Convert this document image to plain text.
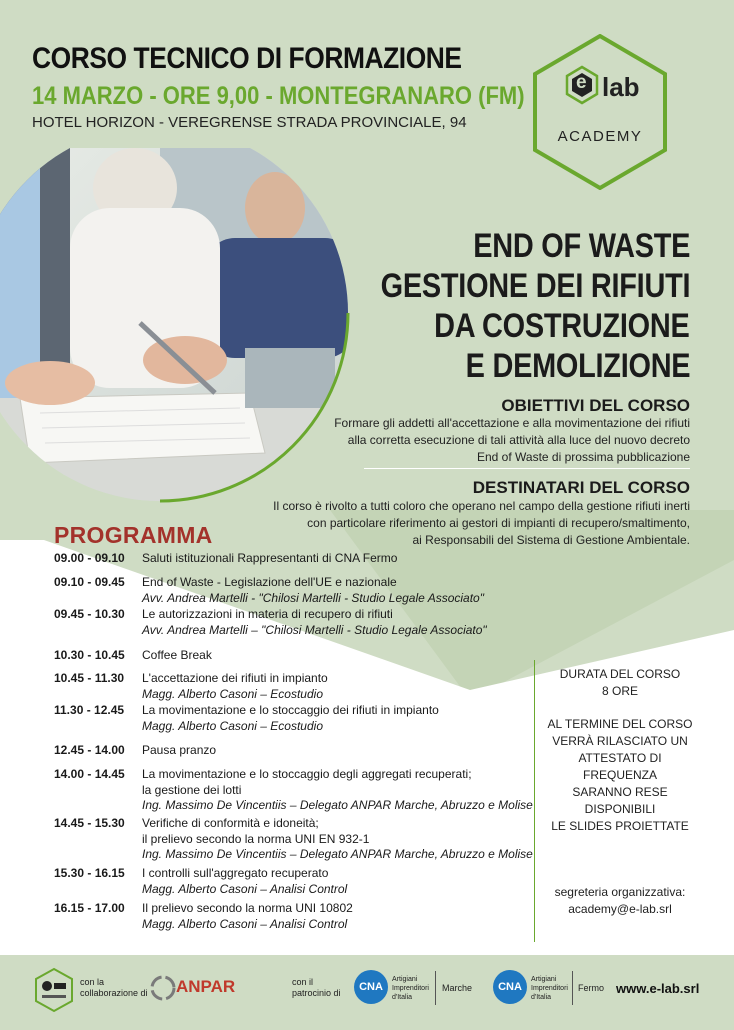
CORSO TECNICO DI FORMAZIONE
14 MARZO - ORE 9,00 - MONTEGRANARO (FM)
HOTEL HORIZON - VEREGRENSE STRADA PROVINCIALE, 94
e lab
ACADEMY
END OF WASTE
GESTIONE DEI RIFIUTI
DA COSTRUZIONE
E DEMOLIZIONE
OBIETTIVI DEL CORSO
Formare gli addetti all'accettazione e alla movimentazione dei rifiuti
alla corretta esecuzione di tali attività alla luce del nuovo decreto
End of Waste di prossima pubblicazione
DESTINATARI DEL CORSO
Il corso è rivolto a tutti coloro che operano nel campo della gestione rifiuti inerti
con particolare riferimento ai gestori di impianti di recupero/smaltimento,
ai Responsabili del Sistema di Gestione Ambientale.
PROGRAMMA
09.00 - 09.10	Saluti istituzionali Rappresentanti di CNA Fermo
09.10 - 09.45	End of Waste - Legislazione dell'UE e nazionale
Avv. Andrea Martelli - "Chilosi Martelli - Studio Legale Associato"
09.45 - 10.30	Le autorizzazioni in materia di recupero di rifiuti
Avv. Andrea Martelli – "Chilosi Martelli - Studio Legale Associato"
10.30 - 10.45	Coffee Break
10.45 - 11.30	L'accettazione dei rifiuti in impianto
Magg. Alberto Casoni – Ecostudio
11.30 - 12.45	La movimentazione e lo stoccaggio dei rifiuti in impianto
Magg. Alberto Casoni – Ecostudio
12.45 - 14.00	Pausa pranzo
14.00 - 14.45	La movimentazione e lo stoccaggio degli aggregati recuperati;
la gestione dei lotti
Ing. Massimo De Vincentiis – Delegato ANPAR Marche, Abruzzo e Molise
14.45 - 15.30	Verifiche di conformità e idoneità;
il prelievo secondo la norma UNI EN 932-1
Ing. Massimo De Vincentiis – Delegato ANPAR Marche, Abruzzo e Molise
15.30 - 16.15	I controlli sull'aggregato recuperato
Magg. Alberto Casoni – Analisi Control
16.15 - 17.00	Il prelievo secondo la norma UNI 10802
Magg. Alberto Casoni – Analisi Control
DURATA DEL CORSO
8 ORE
AL TERMINE DEL CORSO
VERRÀ RILASCIATO UN
ATTESTATO DI FREQUENZA
SARANNO RESE
DISPONIBILI
LE SLIDES PROIETTATE
segreteria organizzativa:
academy@e-lab.srl
con la
collaborazione di ANPAR	con il
patrocinio di	CNA
Artigiani
Imprenditori
d'Italia
Marche	CNA
Artigiani
Imprenditori
d'Italia
Fermo www.e-lab.srl
